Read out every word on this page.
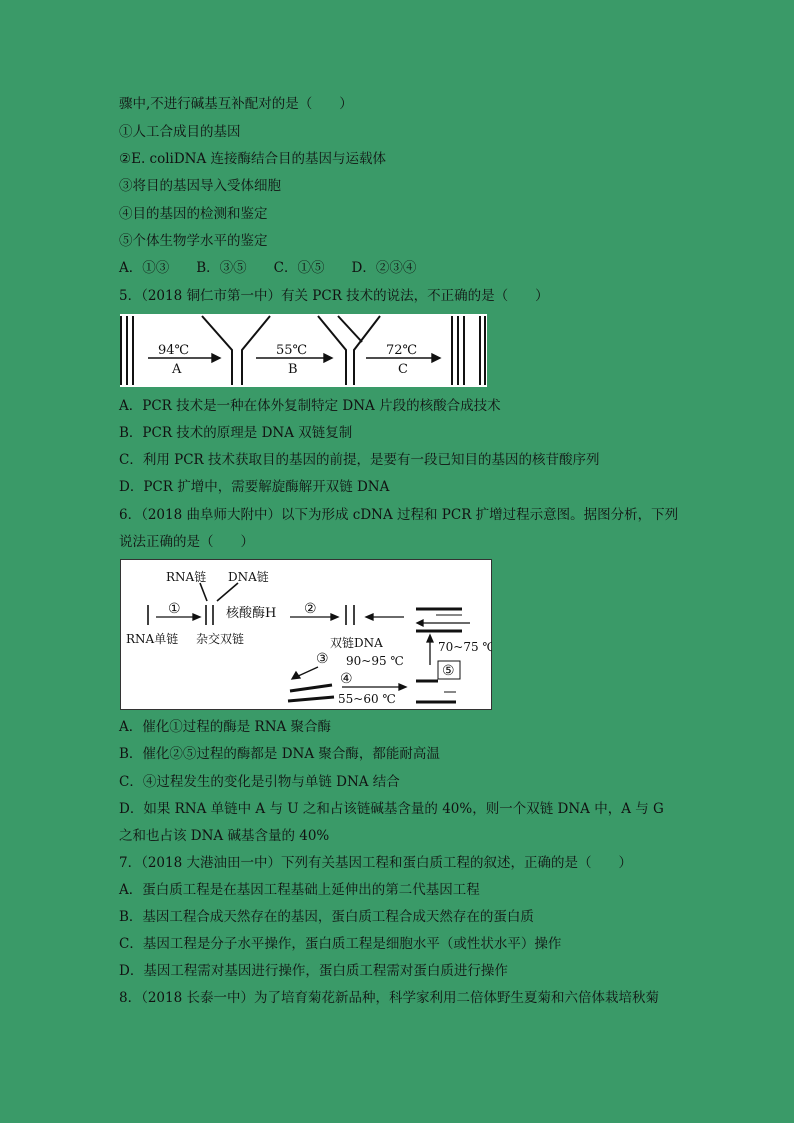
骤中,不进行碱基互补配对的是（　　）
①人工合成目的基因
②E. coliDNA 连接酶结合目的基因与运载体
③将目的基因导入受体细胞
④目的基因的检测和鉴定
⑤个体生物学水平的鉴定
A．①③　　B．③⑤　　C．①⑤　　D．②③④
5．（2018 铜仁市第一中）有关 PCR 技术的说法，不正确的是（　　）
94℃
A
55℃
B
72℃
C
A．PCR 技术是一种在体外复制特定 DNA 片段的核酸合成技术
B．PCR 技术的原理是 DNA 双链复制
C．利用 PCR 技术获取目的基因的前提，是要有一段已知目的基因的核苷酸序列
D．PCR 扩增中，需要解旋酶解开双链 DNA
6．（2018 曲阜师大附中）以下为形成 cDNA 过程和 PCR 扩增过程示意图。据图分析，下列
说法正确的是（　　）
RNA链 DNA链
①	核酸酶H ②
RNA单链 杂交双链	双链DNA
③ 90~95 ℃
④
55~60 ℃
70~75 ℃
⑤
A．催化①过程的酶是 RNA 聚合酶
B．催化②⑤过程的酶都是 DNA 聚合酶，都能耐高温
C．④过程发生的变化是引物与单链 DNA 结合
D．如果 RNA 单链中 A 与 U 之和占该链碱基含量的 40%，则一个双链 DNA 中，A 与 G
之和也占该 DNA 碱基含量的 40%
7．（2018 大港油田一中）下列有关基因工程和蛋白质工程的叙述，正确的是（　　）
A．蛋白质工程是在基因工程基础上延伸出的第二代基因工程
B．基因工程合成天然存在的基因，蛋白质工程合成天然存在的蛋白质
C．基因工程是分子水平操作，蛋白质工程是细胞水平（或性状水平）操作
D．基因工程需对基因进行操作，蛋白质工程需对蛋白质进行操作
8．（2018 长泰一中）为了培育菊花新品种，科学家利用二倍体野生夏菊和六倍体栽培秋菊
